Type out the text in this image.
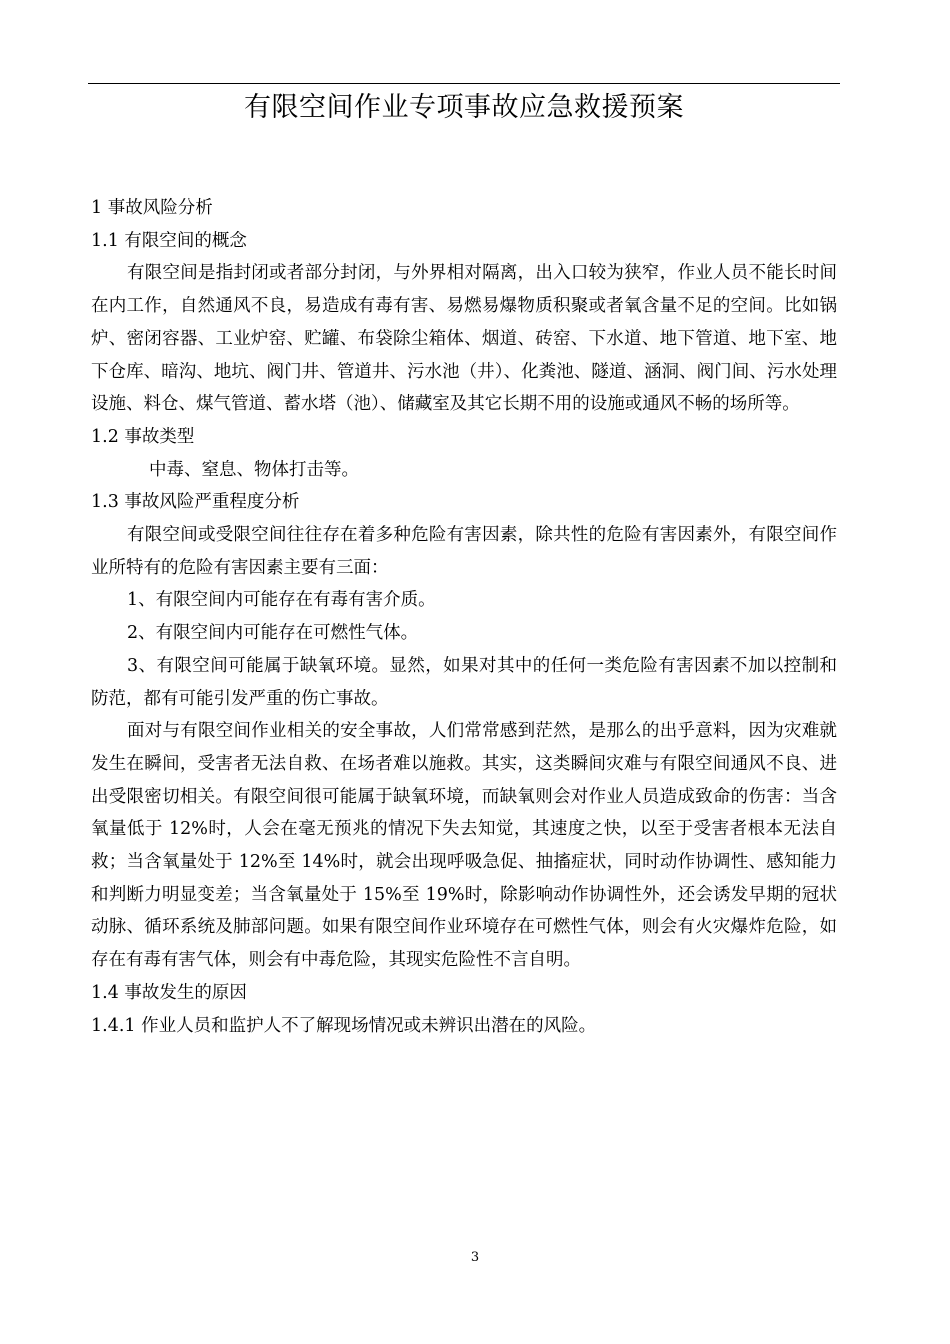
有限空间作业专项事故应急救援预案
1 事故风险分析
1.1 有限空间的概念

有限空间是指封闭或者部分封闭，与外界相对隔离，出入口较为狭窄，作业人员不能长时间在内工作，自然通风不良，易造成有毒有害、易燃易爆物质积聚或者氧含量不足的空间。比如锅炉、密闭容器、工业炉窑、贮罐、布袋除尘箱体、烟道、砖窑、下水道、地下管道、地下室、地下仓库、暗沟、地坑、阀门井、管道井、污水池（井）、化粪池、隧道、涵洞、阀门间、污水处理设施、料仓、煤气管道、蓄水塔（池）、储藏室及其它长期不用的设施或通风不畅的场所等。

1.2 事故类型

中毒、窒息、物体打击等。

1.3 事故风险严重程度分析

有限空间或受限空间往往存在着多种危险有害因素，除共性的危险有害因素外，有限空间作业所特有的危险有害因素主要有三面：

1、有限空间内可能存在有毒有害介质。

2、有限空间内可能存在可燃性气体。

3、有限空间可能属于缺氧环境。显然，如果对其中的任何一类危险有害因素不加以控制和防范，都有可能引发严重的伤亡事故。

面对与有限空间作业相关的安全事故，人们常常感到茫然，是那么的出乎意料，因为灾难就发生在瞬间，受害者无法自救、在场者难以施救。其实，这类瞬间灾难与有限空间通风不良、进出受限密切相关。有限空间很可能属于缺氧环境，而缺氧则会对作业人员造成致命的伤害：当含氧量低于 12%时，人会在毫无预兆的情况下失去知觉，其速度之快，以至于受害者根本无法自救；当含氧量处于 12%至 14%时，就会出现呼吸急促、抽搐症状，同时动作协调性、感知能力和判断力明显变差；当含氧量处于 15%至 19%时，除影响动作协调性外，还会诱发早期的冠状动脉、循环系统及肺部问题。如果有限空间作业环境存在可燃性气体，则会有火灾爆炸危险，如存在有毒有害气体，则会有中毒危险，其现实危险性不言自明。

1.4 事故发生的原因
1.4.1 作业人员和监护人不了解现场情况或未辨识出潜在的风险。
3
